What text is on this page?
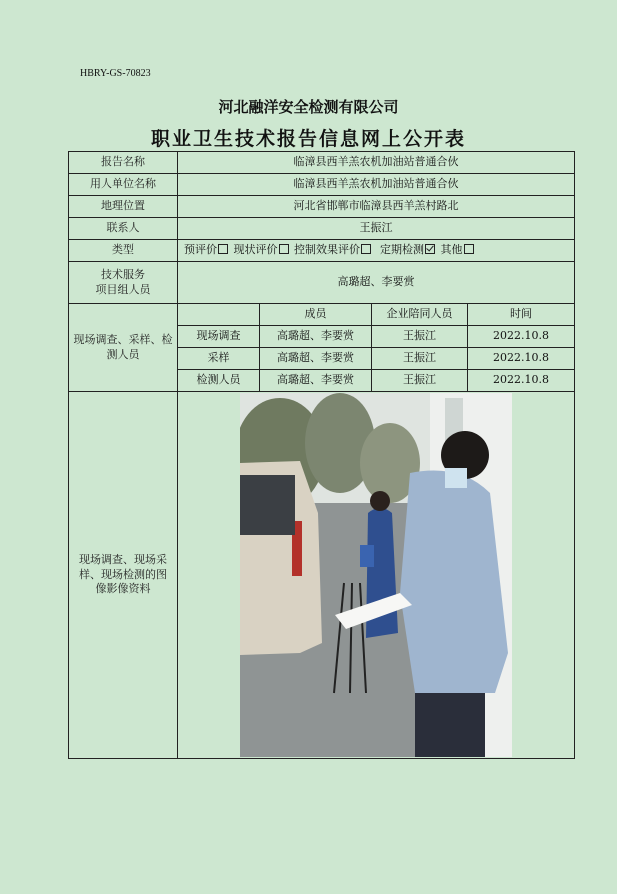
HBRY-GS-70823
河北融洋安全检测有限公司
职业卫生技术报告信息网上公开表
报告名称	临漳县西羊羔农机加油站普通合伙			
用人单位名称	临漳县西羊羔农机加油站普通合伙			
地理位置	河北省邯郸市临漳县西羊羔村路北			
联系人	王振江			
类型	预评价 现状评价 控制效果评价 定期检测 其他			

技术服务
项目组人员	高璐超、李要赏			
现场调查、采样、检测人员		成员	企业陪同人员	时间
	现场调查	高璐超、李要赏	王振江	2022.10.8
	采样	高璐超、李要赏	王振江	2022.10.8
	检测人员	高璐超、李要赏	王振江	2022.10.8
现场调查、现场采样、现场检测的图像影像资料	
